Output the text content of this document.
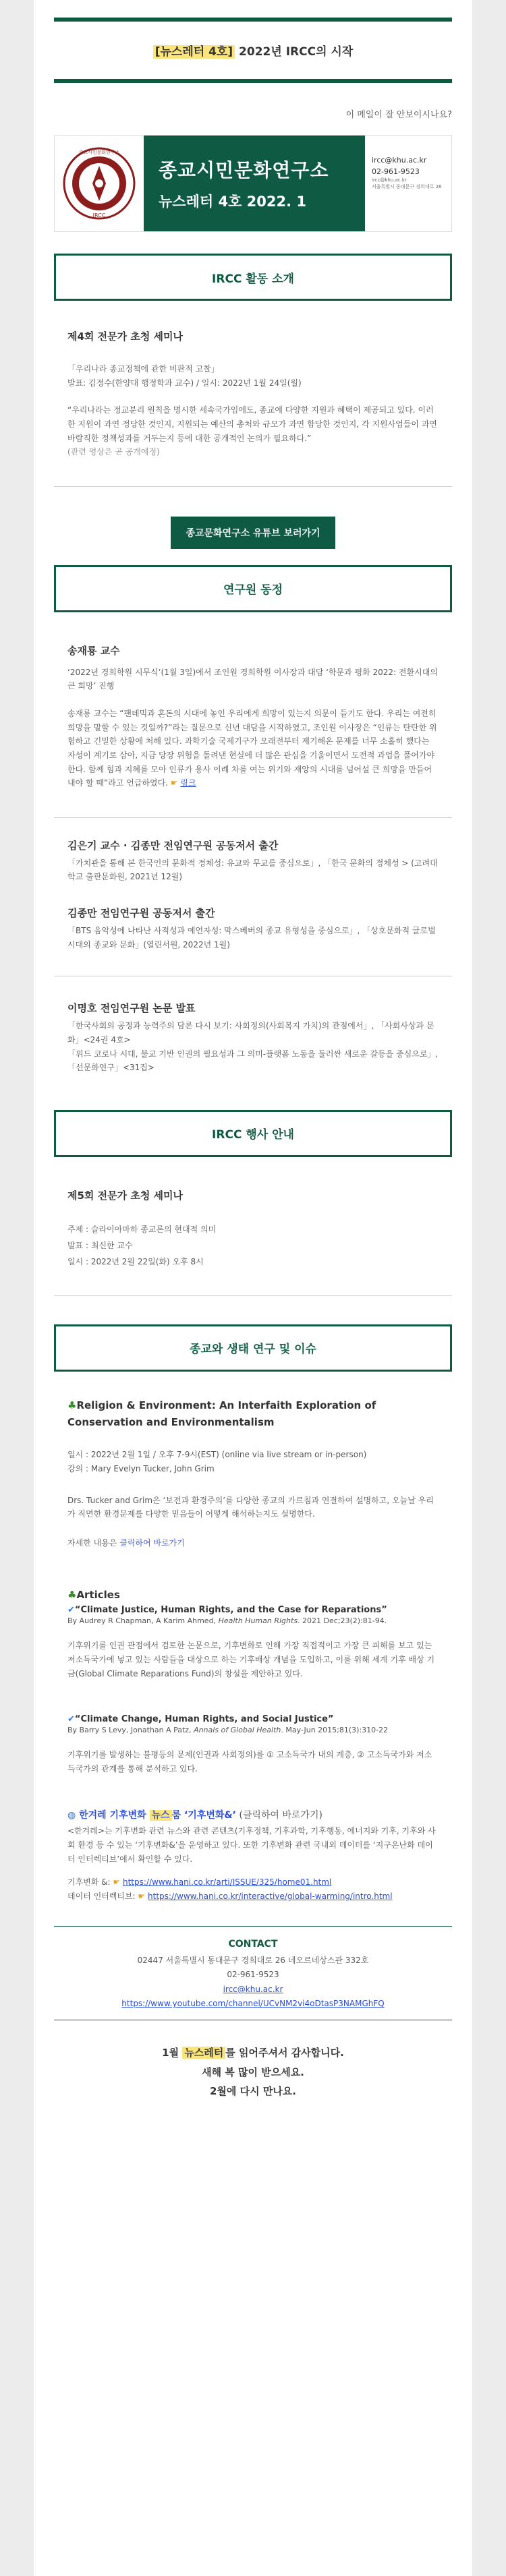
[뉴스레터 4호] 2022년 IRCC의 시작
이 메일이 잘 안보이시나요?
종교시민문화연구소
IRCC
종교시민문화연구소
뉴스레터 4호 2022. 1
ircc@khu.ac.kr
02-961-9523
ircc@khu.ac.kr
서울특별시 동대문구 경희대로 26
IRCC 활동 소개
제4회 전문가 초청 세미나
「우리나라 종교정책에 관한 비판적 고찰」
발표: 김정수(한양대 행정학과 교수) / 일시: 2022년 1월 24일(월)
“우리나라는 정교분리 원칙을 명시한 세속국가임에도, 종교에 다양한 지원과 혜택이 제공되고 있다. 이러한 지원이 과연 정당한 것인지, 지원되는 예산의 총처와 규모가 과연 합당한 것인지, 각 지원사업들이 과연 바람직한 정책성과를 거두는지 등에 대한 공개적인 논의가 필요하다.”
(관련 영상은 곧 공개예정)
종교문화연구소 유튜브 보러가기
연구원 동정
송재룡 교수
‘2022년 경희학원 시무식’(1월 3일)에서 조인원 경희학원 이사장과 대담 ‘학문과 평화 2022: 전환시대의 큰 희망’ 진행
송재룡 교수는 “팬데믹과 혼돈의 시대에 놓인 우리에게 희망이 있는지 의문이 들기도 한다. 우리는 여전히 희망을 말할 수 있는 것일까?”라는 질문으로 신년 대담을 시작하였고, 조인원 이사장은 “인류는 탄탄한 위험하고 긴밀한 상황에 처해 있다. 과학기술 국제기구가 오래전부터 제기해온 문제를 너무 소홀히 했다는 자성이 계기로 삼아, 지금 당장 위험을 돌려낸 현실에 더 많은 관심을 기울이면서 도전적 과업을 풀어가야 한다. 함께 힘과 지혜를 모아 인류가 용사 이례 차를 여는 위기와 재앙의 시대를 넘어설 큰 희망을 만들어내야 할 때”라고 언급하였다. ☛ 링크
김은기 교수 · 김종만 전임연구원 공동저서 출간
「가치관을 통해 본 한국인의 문화적 정체성: 유교와 무교를 중심으로」, 「한국 문화의 정체성 > (고려대학교 출판문화원, 2021년 12월)
김종만 전임연구원 공동저서 출간
「BTS 음악성에 나타난 사적성과 예언자성: 막스베버의 종교 유형성을 중심으로」, 「상호문화적 글로벌 시대의 종교와 문화」(열린서원, 2022년 1월)
이명호 전임연구원 논문 발표
「한국사회의 공정과 능력주의 담론 다시 보기: 사회정의(사회복지 가치)의 관점에서」, 「사회사상과 문화」<24권 4호>
「위드 코로나 시대, 불교 기반 인권의 필요성과 그 의미-플랫폼 노동을 둘러싼 새로운 갈등을 중심으로」, 「선문화연구」<31집>
IRCC 행사 안내
제5회 전문가 초청 세미나
주제 : 슬라이아마하 종교론의 현대적 의미
발표 : 최신한 교수
일시 : 2022년 2월 22일(화) 오후 8시
종교와 생태 연구 및 이슈
♣Religion & Environment: An Interfaith Exploration of Conservation and Environmentalism
일시 : 2022년 2월 1일 / 오후 7-9시(EST) (online via live stream or in-person)
강의 : Mary Evelyn Tucker, John Grim
Drs. Tucker and Grim은 ‘보전과 환경주의’를 다양한 종교의 가르침과 연결하여 설명하고, 오늘날 우리가 직면한 환경문제를 다양한 믿음들이 어떻게 해석하는지도 설명한다.
자세한 내용은 클릭하여 바로가기
♣Articles
✔“Climate Justice, Human Rights, and the Case for Reparations”
By Audrey R Chapman, A Karim Ahmed, Health Human Rights. 2021 Dec;23(2):81-94.
기후위기를 인권 관점에서 검토한 논문으로, 기후변화로 인해 가장 직접적이고 가장 큰 피해를 보고 있는 저소득국가에 넣고 있는 사람들을 대상으로 하는 기후배상 개념을 도입하고, 이를 위해 세계 기후 배상 기금(Global Climate Reparations Fund)의 창설을 제안하고 있다.
✔“Climate Change, Human Rights, and Social Justice”
By Barry S Levy, Jonathan A Patz, Annals of Global Health. May-Jun 2015;81(3):310-22
기후위기를 발생하는 불평등의 문제(인권과 사회정의)를 ① 고소득국가 내의 계층, ② 고소득국가와 저소득국가의 관계를 통해 분석하고 있다.
◍ 한겨레 기후변화 뉴스 룸 ‘기후변화&’ (클릭하여 바로가기)
<한겨레>는 기후변화 관련 뉴스와 관련 콘텐츠(기후정책, 기후과학, 기후행동, 에너지와 기후, 기후와 사회 환경 등 수 있는 ‘기후변화&’을 운영하고 있다. 또한 기후변화 관련 국내외 데이터를 ‘지구온난화 데이터 인터렉티브’에서 확인할 수 있다.
기후변화 &: ☛ https://www.hani.co.kr/arti/ISSUE/325/home01.html
데이터 인터렉티브: ☛ https://www.hani.co.kr/interactive/global-warming/intro.html
CONTACT
02447 서울특별시 동대문구 경희대로 26 네오르네상스관 332호
02-961-9523
ircc@khu.ac.kr
https://www.youtube.com/channel/UCvNM2vi4oDtasP3NAMGhFQ
1월 뉴스레터 를 읽어주셔서 감사합니다.
새해 복 많이 받으세요.
2월에 다시 만나요.
